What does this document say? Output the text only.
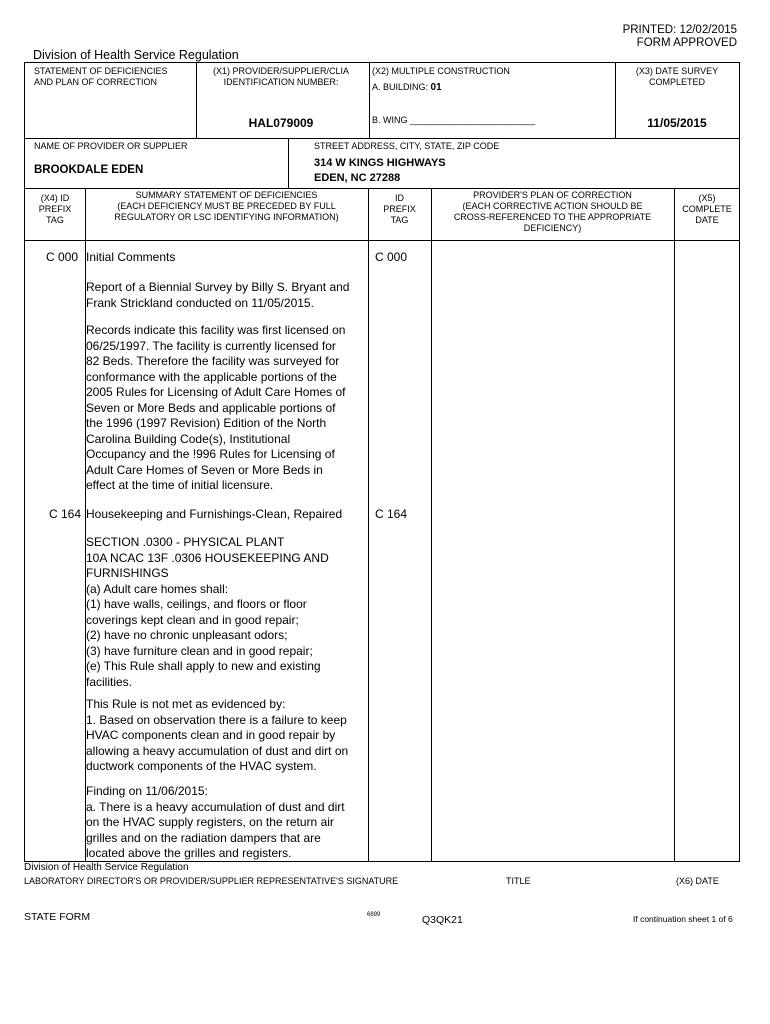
PRINTED: 12/02/2015
FORM APPROVED
Division of Health Service Regulation
STATEMENT OF DEFICIENCIES
AND PLAN OF CORRECTION
(X1) PROVIDER/SUPPLIER/CLIA
IDENTIFICATION NUMBER:
HAL079009
(X2) MULTIPLE CONSTRUCTION
A. BUILDING: 01
B. WING _________________________
(X3) DATE SURVEY
COMPLETED
11/05/2015
NAME OF PROVIDER OR SUPPLIER
BROOKDALE EDEN
STREET ADDRESS, CITY, STATE, ZIP CODE
314 W KINGS HIGHWAYS
EDEN, NC 27288
(X4) ID
PREFIX
TAG
SUMMARY STATEMENT OF DEFICIENCIES
(EACH DEFICIENCY MUST BE PRECEDED BY FULL
REGULATORY OR LSC IDENTIFYING INFORMATION)
ID
PREFIX
TAG
PROVIDER'S PLAN OF CORRECTION
(EACH CORRECTIVE ACTION SHOULD BE
CROSS-REFERENCED TO THE APPROPRIATE
DEFICIENCY)
(X5)
COMPLETE
DATE
C 000 Initial Comments	C 000
Report of a Biennial Survey by Billy S. Bryant and
Frank Strickland conducted on 11/05/2015.
Records indicate this facility was first licensed on
06/25/1997. The facility is currently licensed for
82 Beds. Therefore the facility was surveyed for
conformance with the applicable portions of the
2005 Rules for Licensing of Adult Care Homes of
Seven or More Beds and applicable portions of
the 1996 (1997 Revision) Edition of the North
Carolina Building Code(s), Institutional
Occupancy and the !996 Rules for Licensing of
Adult Care Homes of Seven or More Beds in
effect at the time of initial licensure.
C 164 Housekeeping and Furnishings-Clean, Repaired	C 164
SECTION .0300 - PHYSICAL PLANT
10A NCAC 13F .0306 HOUSEKEEPING AND
FURNISHINGS
(a) Adult care homes shall:
(1) have walls, ceilings, and floors or floor
coverings kept clean and in good repair;
(2) have no chronic unpleasant odors;
(3) have furniture clean and in good repair;
(e) This Rule shall apply to new and existing
facilities.
This Rule is not met as evidenced by:
1. Based on observation there is a failure to keep
HVAC components clean and in good repair by
allowing a heavy accumulation of dust and dirt on
ductwork components of the HVAC system.
Finding on 11/06/2015:
a. There is a heavy accumulation of dust and dirt
on the HVAC supply registers, on the return air
grilles and on the radiation dampers that are
located above the grilles and registers.
Division of Health Service Regulation
LABORATORY DIRECTOR'S OR PROVIDER/SUPPLIER REPRESENTATIVE'S SIGNATURE	TITLE	(X6) DATE
STATE FORM	6899	Q3QK21	If continuation sheet 1 of 6
